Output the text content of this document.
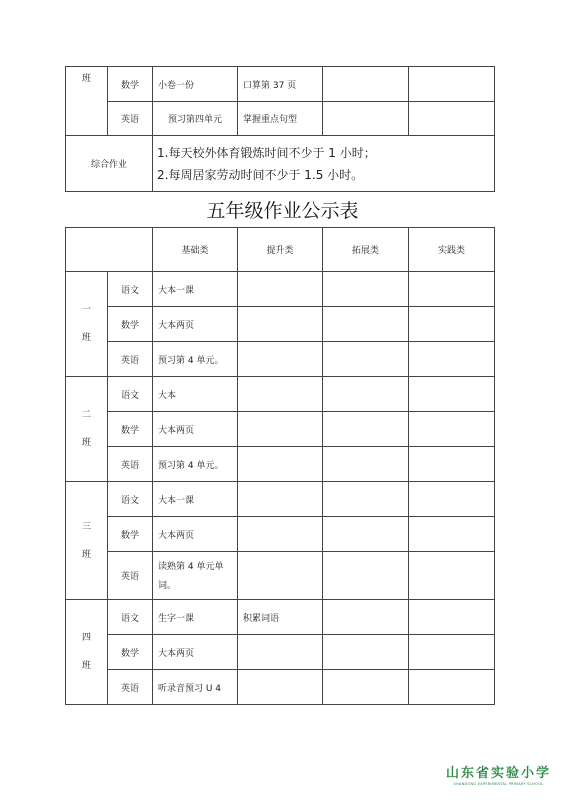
班	数学	小卷一份	口算第 37 页		
	英语	预习第四单元	掌握重点句型		
综合作业		1.每天校外体育锻炼时间不少于 1 小时；
2.每周居家劳动时间不少于 1.5 小时。			
五年级作业公示表
		基础类	提升类	拓展类	实践类

一
班	语文	大本一课			
	数学	大本两页			
	英语	预习第 4 单元。			

二
班	语文	大本			
	数学	大本两页			
	英语	预习第 4 单元。			

三
班	语文	大本一课			
	数学	大本两页			
	英语	读熟第 4 单元单
词。			

四
班	语文	生字一课	积累词语		
	数学	大本两页			
	英语	听录音预习 U 4			
山东省实验小学
SHANDONG EXPERIMENTAL PRIMARY SCHOOL
